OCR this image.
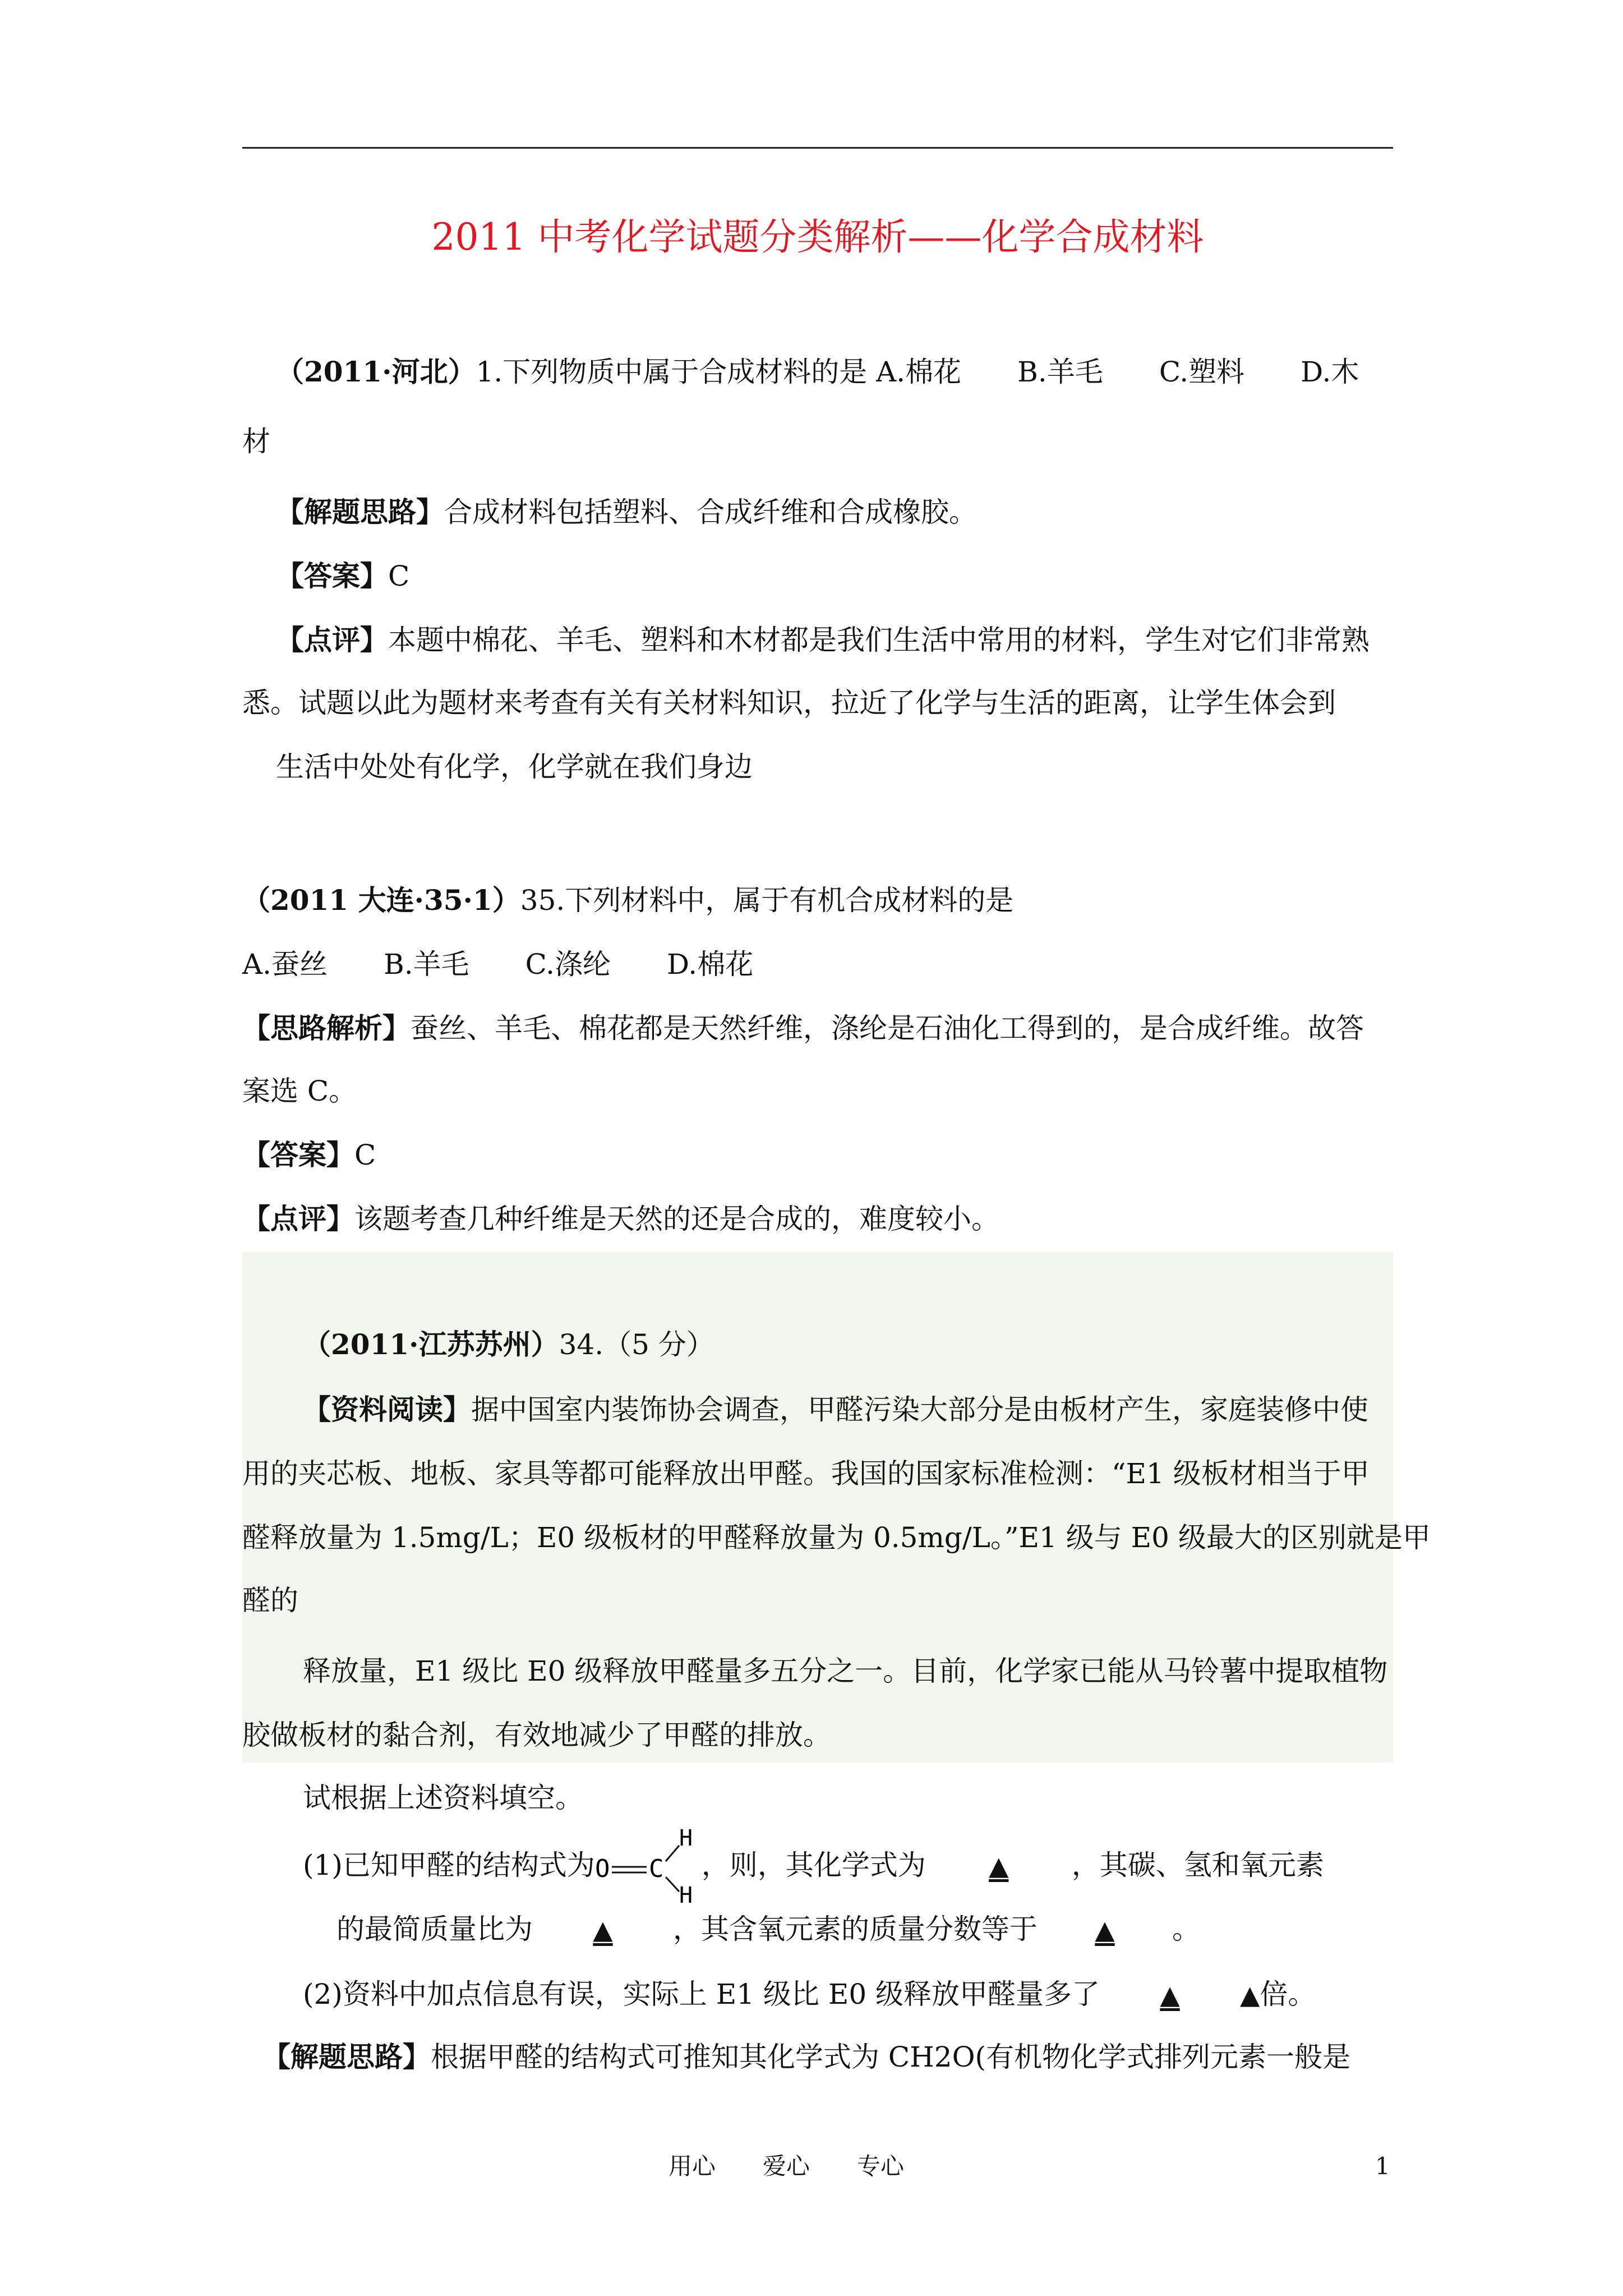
2011 中考化学试题分类解析——化学合成材料

（2011·河北）1.下列物质中属于合成材料的是 A.棉花　　B.羊毛　　C.塑料　　D.木

材

【解题思路】合成材料包括塑料、合成纤维和合成橡胶。

【答案】C

【点评】本题中棉花、羊毛、塑料和木材都是我们生活中常用的材料，学生对它们非常熟

悉。试题以此为题材来考查有关有关材料知识，拉近了化学与生活的距离，让学生体会到

生活中处处有化学，化学就在我们身边

（2011 大连·35·1）35.下列材料中，属于有机合成材料的是

A.蚕丝　　B.羊毛　　C.涤纶　　D.棉花

【思路解析】蚕丝、羊毛、棉花都是天然纤维，涤纶是石油化工得到的，是合成纤维。故答

案选 C。

【答案】C

【点评】该题考查几种纤维是天然的还是合成的，难度较小。

（2011·江苏苏州）34.（5 分）

【资料阅读】据中国室内装饰协会调查，甲醛污染大部分是由板材产生，家庭装修中使

用的夹芯板、地板、家具等都可能释放出甲醛。我国的国家标准检测：“E1 级板材相当于甲

醛释放量为 1.5mg/L；E0 级板材的甲醛释放量为 0.5mg/L。”E1 级与 E0 级最大的区别就是甲

醛的

释放量，E1 级比 E0 级释放甲醛量多五分之一。目前，化学家已能从马铃薯中提取植物

胶做板材的黏合剂，有效地减少了甲醛的排放。

试根据上述资料填空。

(1)已知甲醛的结构式为 O C
H
H
，则，其化学式为 ▲ ，其碳、氢和氧元素

的最简质量比为 ▲ ，其含氧元素的质量分数等于 ▲ 。

(2)资料中加点信息有误，实际上 E1 级比 E0 级释放甲醛量多了 ▲ ▲倍。

【解题思路】根据甲醛的结构式可推知其化学式为 CH2O(有机物化学式排列元素一般是

用心　　爱心　　专心	1
